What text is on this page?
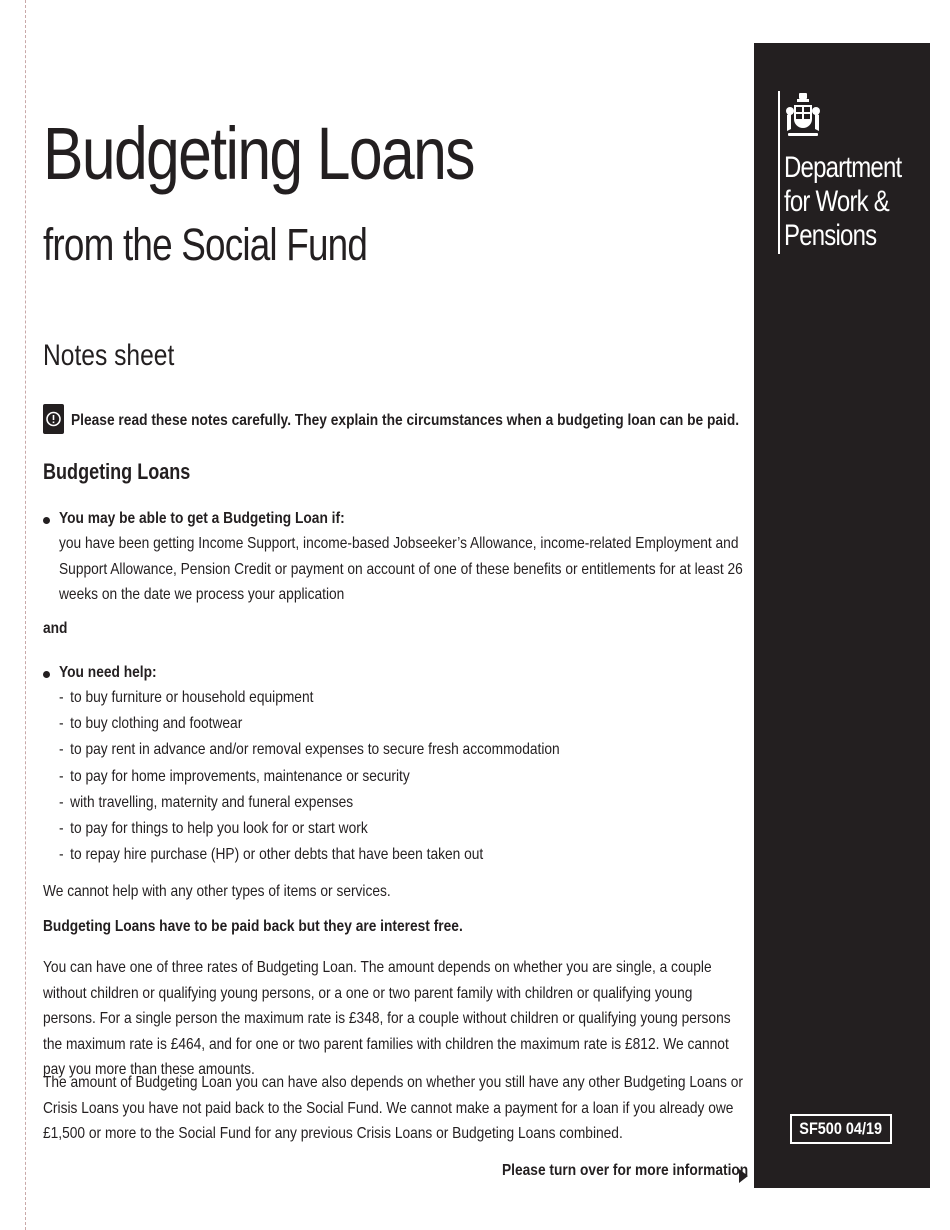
Budgeting Loans
from the Social Fund
Notes sheet

Please read these notes carefully. They explain the circumstances when a budgeting loan can be paid.

Budgeting Loans

You may be able to get a Budgeting Loan if:

you have been getting Income Support, income-based Jobseeker’s Allowance, income-related Employment and Support Allowance, Pension Credit or payment on account of one of these benefits or entitlements for at least 26 weeks on the date we process your application

and

You need help:

- to buy furniture or household equipment
- to buy clothing and footwear
- to pay rent in advance and/or removal expenses to secure fresh accommodation
- to pay for home improvements, maintenance or security
- with travelling, maternity and funeral expenses
- to pay for things to help you look for or start work
- to repay hire purchase (HP) or other debts that have been taken out

We cannot help with any other types of items or services.

Budgeting Loans have to be paid back but they are interest free.

You can have one of three rates of Budgeting Loan. The amount depends on whether you are single, a couple without children or qualifying young persons, or a one or two parent family with children or qualifying young persons. For a single person the maximum rate is £348, for a couple without children or qualifying young persons the maximum rate is £464, and for one or two parent families with children the maximum rate is £812. We cannot pay you more than these amounts.

The amount of Budgeting Loan you can have also depends on whether you still have any other Budgeting Loans or Crisis Loans you have not paid back to the Social Fund. We cannot make a payment for a loan if you already owe £1,500 or more to the Social Fund for any previous Crisis Loans or Budgeting Loans combined.

Please turn over for more information

Department
for Work &
Pensions

SF500 04/19
